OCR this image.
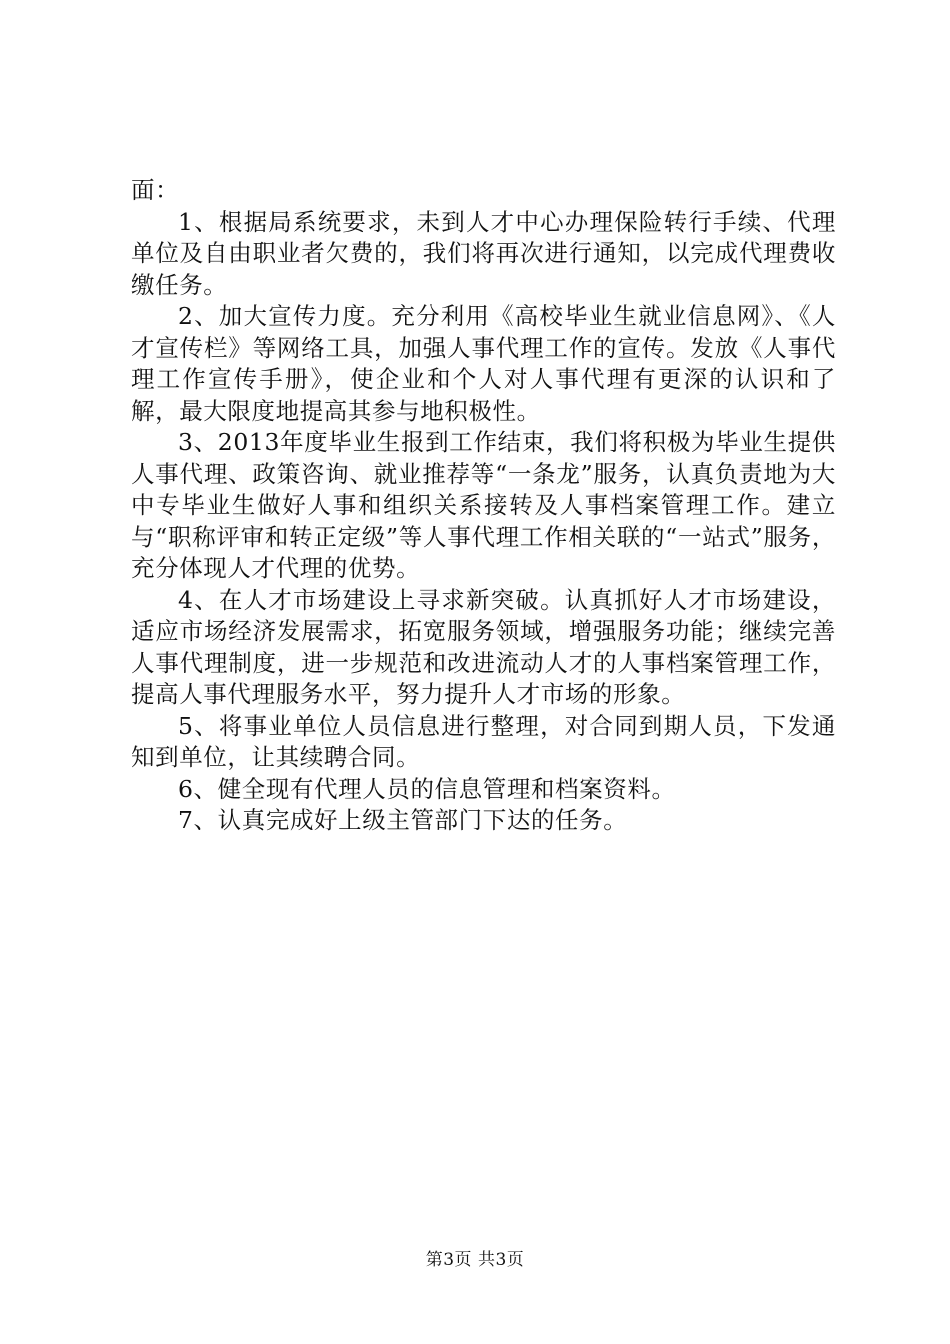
面：

1、根据局系统要求，未到人才中心办理保险转行手续、代理单位及自由职业者欠费的，我们将再次进行通知，以完成代理费收缴任务。

2、加大宣传力度。充分利用《高校毕业生就业信息网》、《人才宣传栏》等网络工具，加强人事代理工作的宣传。发放《人事代理工作宣传手册》，使企业和个人对人事代理有更深的认识和了解，最大限度地提高其参与地积极性。

3、2013年度毕业生报到工作结束，我们将积极为毕业生提供人事代理、政策咨询、就业推荐等“一条龙”服务，认真负责地为大中专毕业生做好人事和组织关系接转及人事档案管理工作。建立与“职称评审和转正定级”等人事代理工作相关联的“一站式”服务，充分体现人才代理的优势。

4、在人才市场建设上寻求新突破。认真抓好人才市场建设，适应市场经济发展需求，拓宽服务领域，增强服务功能；继续完善人事代理制度，进一步规范和改进流动人才的人事档案管理工作，提高人事代理服务水平，努力提升人才市场的形象。

5、将事业单位人员信息进行整理，对合同到期人员，下发通知到单位，让其续聘合同。

6、健全现有代理人员的信息管理和档案资料。

7、认真完成好上级主管部门下达的任务。

第3页 共3页
